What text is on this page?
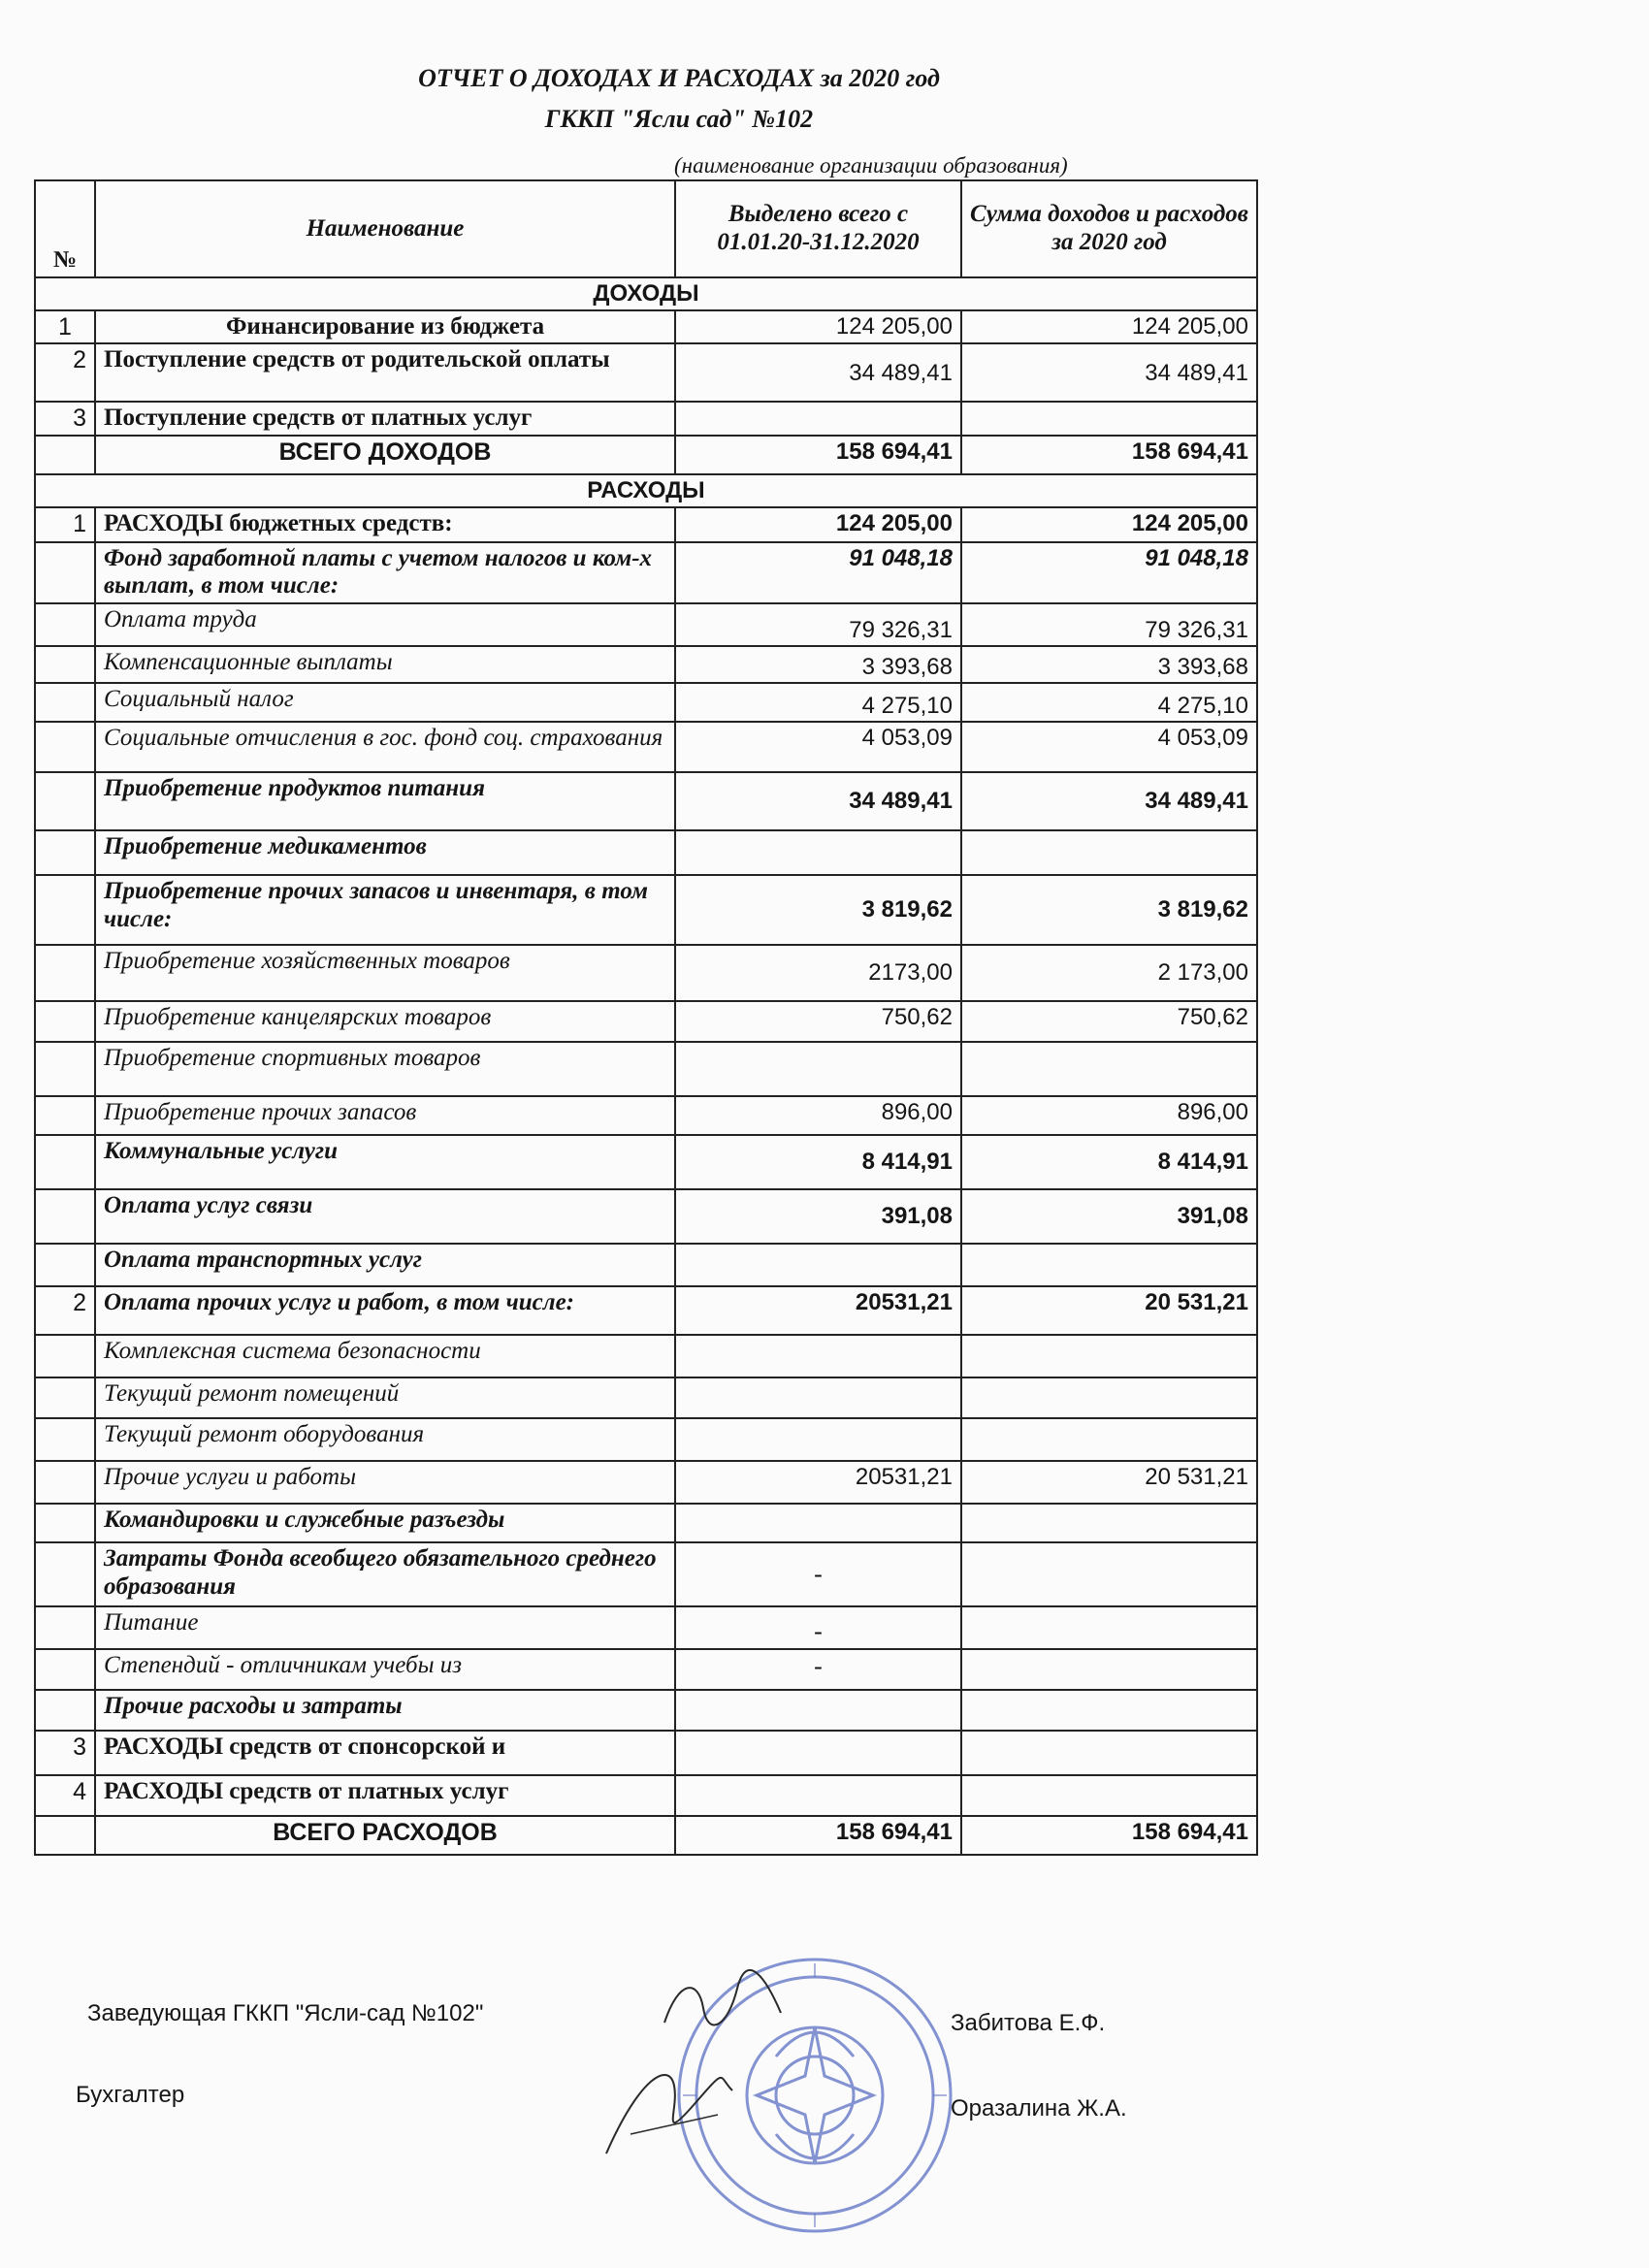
ОТЧЕТ О ДОХОДАХ И РАСХОДАХ за 2020 год
ГККП "Ясли сад" №102
(наименование организации образования)
№	Наименование	Выделено всего с 01.01.20-31.12.2020	Сумма доходов и расходов за 2020 год
ДОХОДЫ			
1	Финансирование из бюджета	124 205,00	124 205,00
2	Поступление средств от родительской оплаты	34 489,41	34 489,41
3	Поступление средств от платных услуг		
	ВСЕГО ДОХОДОВ	158 694,41	158 694,41
РАСХОДЫ			
1	РАСХОДЫ бюджетных средств:	124 205,00	124 205,00
	Фонд заработной платы с учетом налогов и ком-х выплат, в том числе:	91 048,18	91 048,18
	Оплата труда	79 326,31	79 326,31
	Компенсационные выплаты	3 393,68	3 393,68
	Социальный налог	4 275,10	4 275,10
	Социальные отчисления в гос. фонд соц. страхования	4 053,09	4 053,09
	Приобретение продуктов питания	34 489,41	34 489,41
	Приобретение медикаментов		
	Приобретение прочих запасов и инвентаря, в том числе:	3 819,62	3 819,62
	Приобретение хозяйственных товаров	2173,00	2 173,00
	Приобретение канцелярских товаров	750,62	750,62
	Приобретение спортивных товаров		
	Приобретение прочих запасов	896,00	896,00
	Коммунальные услуги	8 414,91	8 414,91
	Оплата услуг связи	391,08	391,08
	Оплата транспортных услуг		
2	Оплата прочих услуг и работ, в том числе:	20531,21	20 531,21
	Комплексная система безопасности		
	Текущий ремонт помещений		
	Текущий ремонт оборудования		
	Прочие услуги и работы	20531,21	20 531,21
	Командировки и служебные разъезды		
	Затраты Фонда всеобщего обязательного среднего образования	-	
	Питание	-	
	Степендий - отличникам учебы из	-	
	Прочие расходы и затраты		
3	РАСХОДЫ средств от спонсорской и		
4	РАСХОДЫ средств от платных услуг		
	ВСЕГО РАСХОДОВ	158 694,41	158 694,41
Заведующая ГККП "Ясли-сад №102"	Забитова Е.Ф.
Бухгалтер
Оразалина Ж.А.
